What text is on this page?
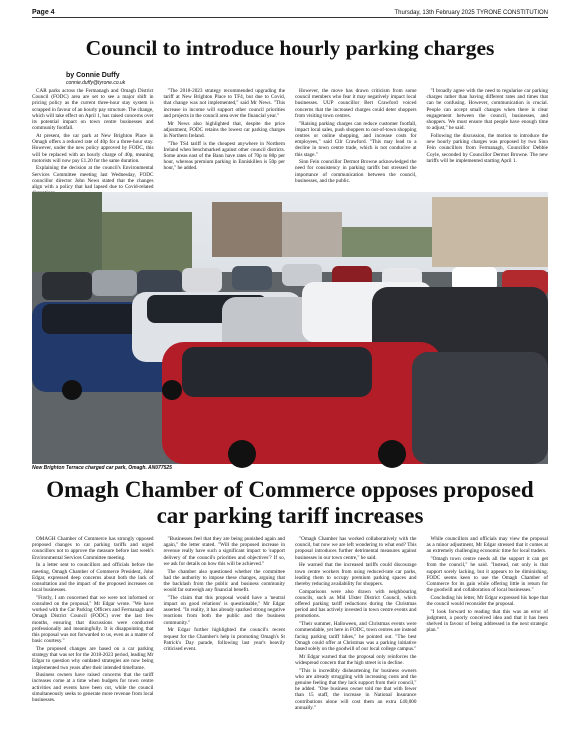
Page 4	Thursday, 13th February 2025 TYRONE CONSTITUTION
Council to introduce hourly parking charges
by Connie Duffy
connie.duffy@tyrone.co.uk

CAR parks across the Fermanagh and Omagh District Council (FODC) area are set to see a major shift in pricing policy as the current three-hour stay system is scrapped in favour of an hourly pay structure. The change, which will take effect on April 1, has raised concerns over its potential impact on town centre businesses and community footfall.

At present, the car park at New Brighton Place in Omagh offers a reduced rate of 40p for a three-hour stay. However, under the new policy approved by FODC, this will be replaced with an hourly charge of 40p, meaning motorists will now pay £1.20 for the same duration.

Explaining the decision at the council's Environmental Services Committee meeting last Wednesday, FODC councillor director John News stated that the changes align with a policy that had lapsed due to Covid-related

"The 2018-2023 strategy recommended upgrading the tariff at New Brighton Place to TF4, but due to Covid, that change was not implemented," said Mr News. "This increase in income will support other council priorities and projects in the council area over the financial year."

Mr News also highlighted that, despite the price adjustment, FODC retains the lowest car parking charges in Northern Ireland.

"The TS4 tariff is the cheapest anywhere in Northern Ireland when benchmarked against other council districts. Some areas east of the Bann have rates of 70p to 80p per hour, whereas premium parking in Enniskillen is 50p per hour," he added.

However, the move has drawn criticism from some council members who fear it may negatively impact local businesses. UUP councillor Bert Crawford voiced concerns that the increased charges could deter shoppers from visiting town centres.

"Raising parking charges can reduce customer footfall, impact local sales, push shoppers to out-of-town shopping centres or online shopping, and increase costs for employees," said Cllr Crawford. "This may lead to a decline in town centre trade, which is not conducive at this stage."

Sinn Fein councillor Dermot Browne acknowledged the need for consistency in parking tariffs but stressed the importance of communication between the council, businesses, and the public.

"I broadly agree with the need to regularise car parking charges rather than having different rates and times that can be confusing. However, communication is crucial. People can accept small changes when there is clear engagement between the council, businesses, and shoppers. We must ensure that people have enough time to adjust," he said.

Following the discussion, the motion to introduce the new hourly parking charges was proposed by two Sinn Fein councillors from Fermanagh, Councillor Debbie Coyle, seconded by Councillor Dermot Browne. The new tariffs will be implemented starting April 1.

New Brighton Terrace charged car park, Omagh. AN077525
Omagh Chamber of Commerce opposes proposed car parking tariff increases

OMAGH Chamber of Commerce has strongly opposed proposed changes to car parking tariffs and urged councillors not to approve the measure before last week's Environmental Services Committee meeting.

In a letter sent to councillors and officials before the meeting, Omagh Chamber of Commerce President, John Edgar, expressed deep concerns about both the lack of consultation and the impact of the proposed increases on local businesses.

"Firstly, I am concerned that we were not informed or consulted on the proposal," Mr Edgar wrote. "We have worked with the Car Parking Officers and Fermanagh and Omagh District Council (FODC) over the last few months, ensuring that discussions were conducted professionally and meaningfully. It is disappointing that this proposal was not forwarded to us, even as a matter of basic courtesy."

The proposed changes are based on a car parking strategy that was set for the 2018-2023 period, leading Mr Edgar to question why outdated strategies are now being implemented two years after their intended timeframe.

Business owners have raised concerns that the tariff increases come at a time when budgets for town centre activities and events have been cut, while the council simultaneously seeks to generate more revenue from local businesses.

"Businesses feel that they are being punished again and again," the letter stated. "Will the proposed increase in revenue really have such a significant impact to 'support delivery of the council's priorities and objectives'? If so, we ask for details on how this will be achieved."

The chamber also questioned whether the committee had the authority to impose these changes, arguing that the backlash from the public and business community would far outweigh any financial benefit.

"The claim that this proposal would have a 'neutral impact on good relations' is questionable," Mr Edgar asserted. "In reality, it has already sparked strong negative reactions from both the public and the business community."

Mr Edgar further highlighted the council's recent request for the Chamber's help in promoting Omagh's St Patrick's Day parade, following last year's heavily criticised event.

"Omagh Chamber has worked collaboratively with the council, but now we are left wondering to what end? This proposal introduces further detrimental measures against businesses in our town centre," he said.

He warned that the increased tariffs could discourage town centre workers from using reduced-rate car parks, leading them to occupy premium parking spaces and thereby reducing availability for shoppers.

Comparisons were also drawn with neighbouring councils, such as Mid Ulster District Council, which offered parking tariff reductions during the Christmas period and has actively invested in town centre events and promotions.

"Their summer, Halloween, and Christmas events were commendable, yet here in FODC, town centres are instead facing parking tariff hikes," he pointed out. "The best Omagh could offer at Christmas was a parking initiative based solely on the goodwill of our local college campus."

Mr Edgar warned that the proposal only reinforces the widespread concern that the high street is in decline.

"This is incredibly disheartening for business owners who are already struggling with increasing costs and the genuine feeling that they lack support from their council," he added. "One business owner told me that with fewer than 15 staff, the increase in National Insurance contributions alone will cost them an extra £40,000 annually."

While councillors and officials may view the proposal as a minor adjustment, Mr Edgar stressed that it comes at an extremely challenging economic time for local traders.

"Omagh town centre needs all the support it can get from the council," he said. "Instead, not only is that support sorely lacking, but it appears to be diminishing. FODC seems keen to use the Omagh Chamber of Commerce for its gain while offering little in return for the goodwill and collaboration of local businesses."

Concluding his letter, Mr Edgar expressed his hope that the council would reconsider the proposal.

"I look forward to reading that this was an error of judgment, a poorly conceived idea and that it has been shelved in favour of being addressed in the next strategic plan."
